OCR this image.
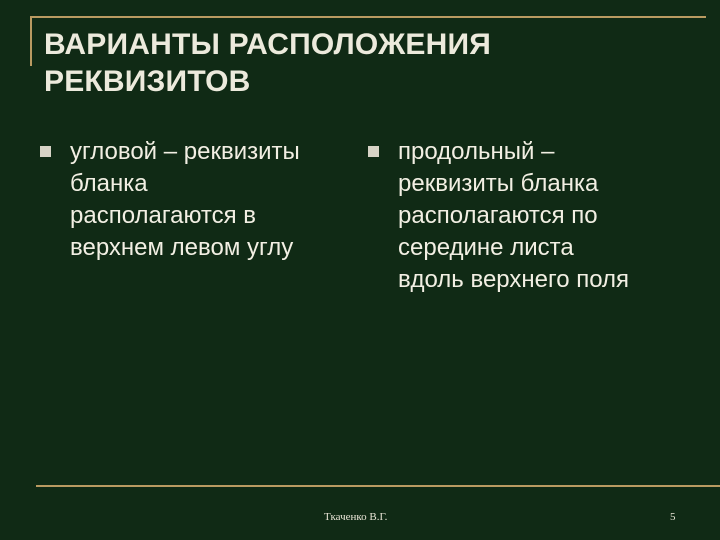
ВАРИАНТЫ РАСПОЛОЖЕНИЯ
РЕКВИЗИТОВ
угловой – реквизиты
бланка
располагаются в
верхнем левом углу
продольный –
реквизиты бланка
располагаются по
середине листа
вдоль верхнего поля
Ткаченко В.Г.	5
